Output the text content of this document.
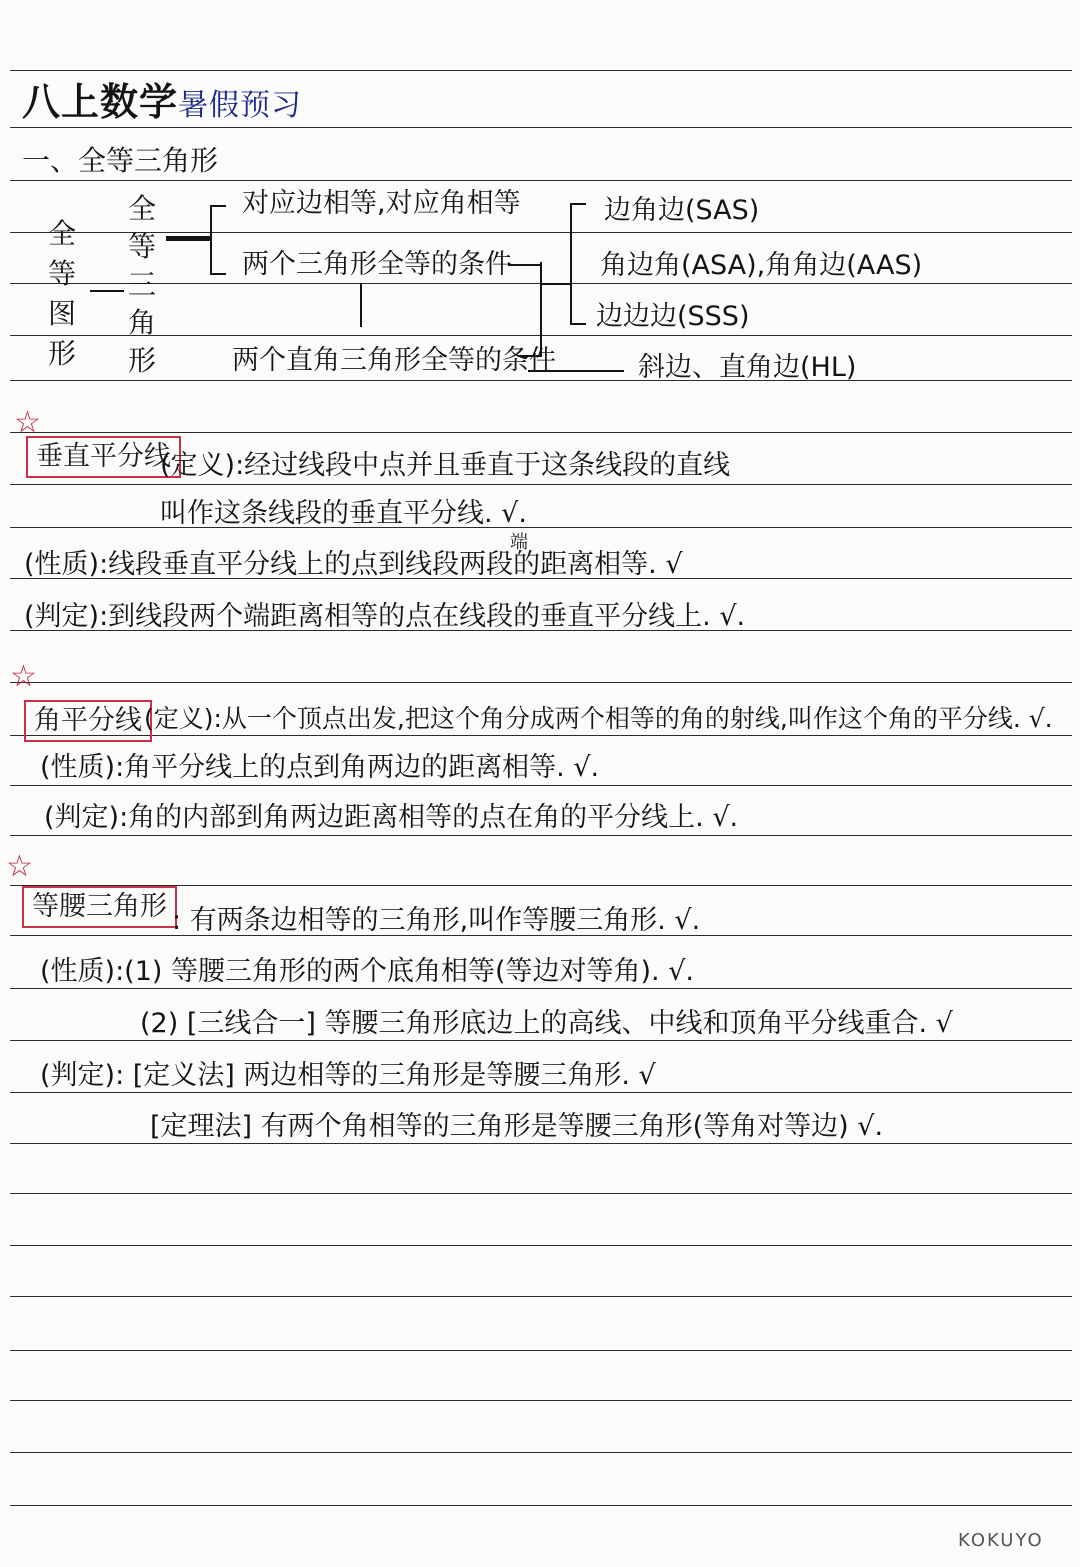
八上数学暑假预习
一、全等三角形
全等图形
全等三角形
对应边相等,对应角相等
两个三角形全等的条件
两个直角三角形全等的条件
边角边(SAS)
角边角(ASA),角角边(AAS)
边边边(SSS)
斜边、直角边(HL)
☆
垂直平分线
(定义):经过线段中点并且垂直于这条线段的直线
叫作这条线段的垂直平分线. √.
端
(性质):线段垂直平分线上的点到线段两段的距离相等. √
(判定):到线段两个端距离相等的点在线段的垂直平分线上. √.
☆
角平分线 (定义):从一个顶点出发,把这个角分成两个相等的角的射线,叫作这个角的平分线. √.
(性质):角平分线上的点到角两边的距离相等. √.
(判定):角的内部到角两边距离相等的点在角的平分线上. √.
☆
等腰三角形 : 有两条边相等的三角形,叫作等腰三角形. √.
(性质):(1) 等腰三角形的两个底角相等(等边对等角). √.
(2) [三线合一] 等腰三角形底边上的高线、中线和顶角平分线重合. √
(判定): [定义法] 两边相等的三角形是等腰三角形. √
[定理法] 有两个角相等的三角形是等腰三角形(等角对等边) √.
KOKUYO
